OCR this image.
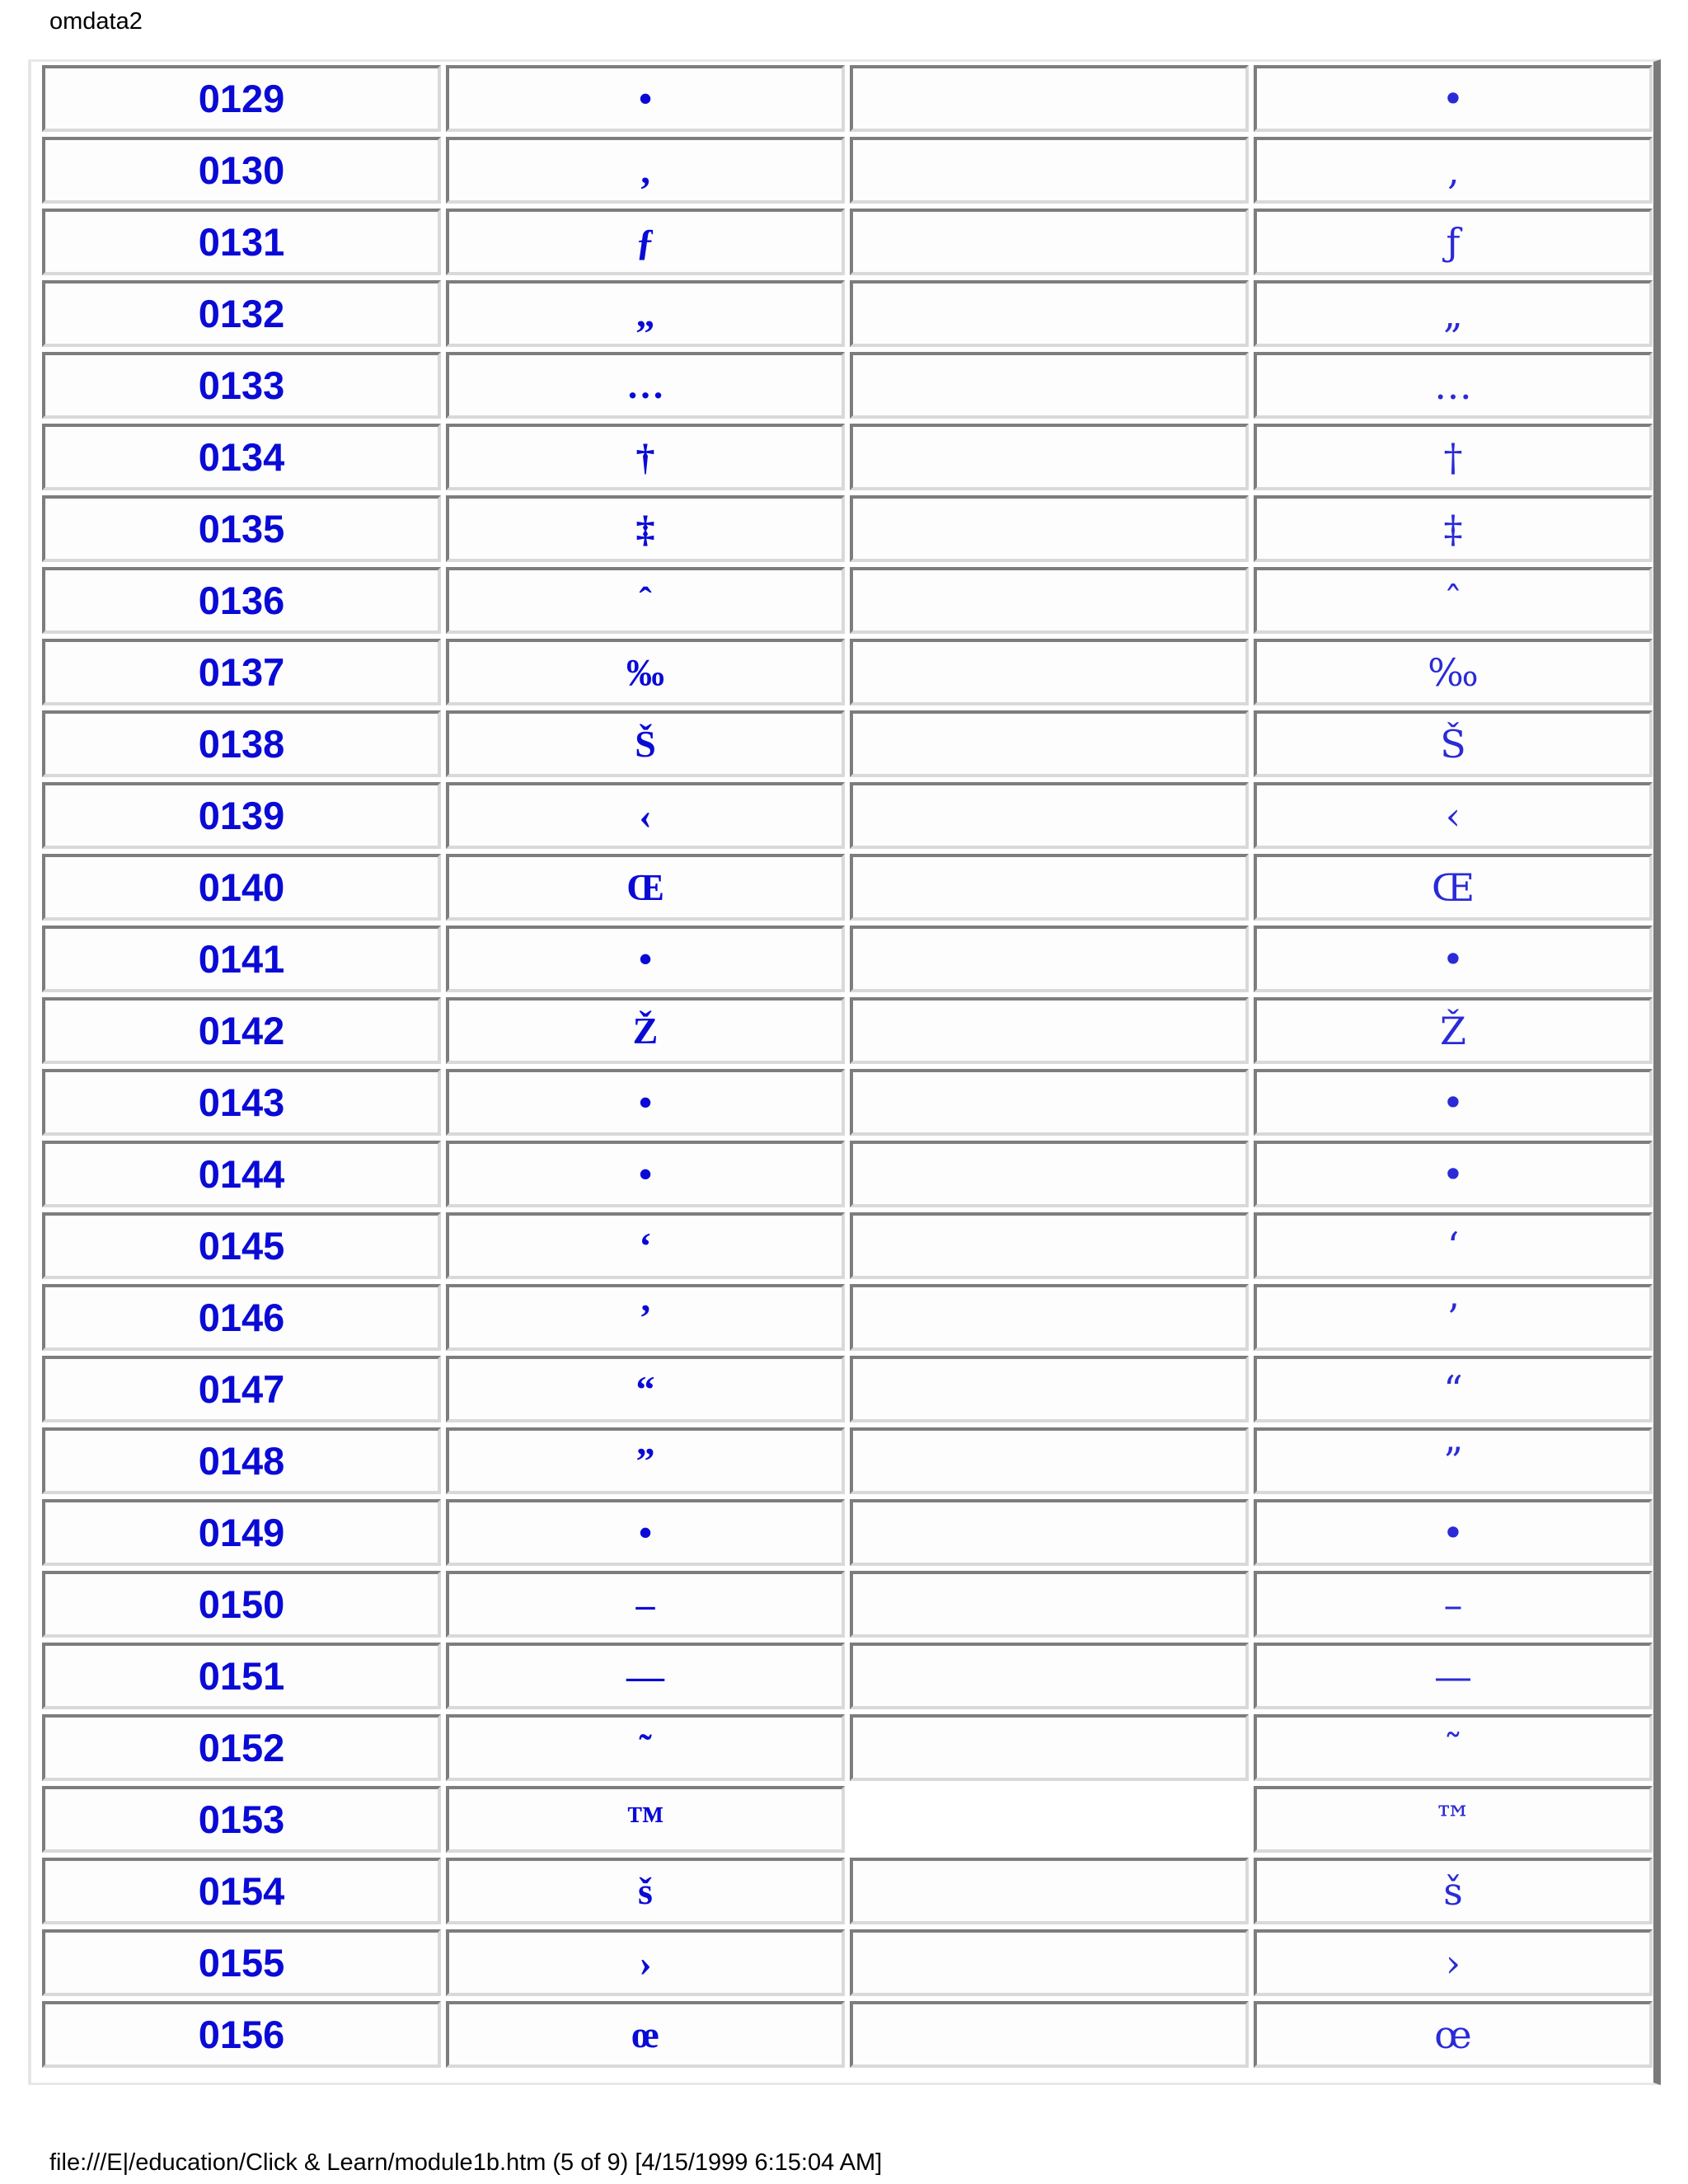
omdata2
0129	•		•

0130	‚		‚

0131	ƒ		ƒ

0132	„		„

0133	…		…

0134	†		†

0135	‡		‡

0136	ˆ		ˆ

0137	‰		‰

0138	Š		Š

0139	‹		‹

0140	Œ		Œ

0141	•		•

0142	Ž		Ž

0143	•		•

0144	•		•

0145	‘		‘

0146	’		’

0147	“		“

0148	”		”

0149	•		•

0150	–		–

0151	—		—

0152	˜		˜

0153	™		™

0154	š		š

0155	›		›

0156	œ		œ
file:///E|/education/Click & Learn/module1b.htm (5 of 9) [4/15/1999 6:15:04 AM]
